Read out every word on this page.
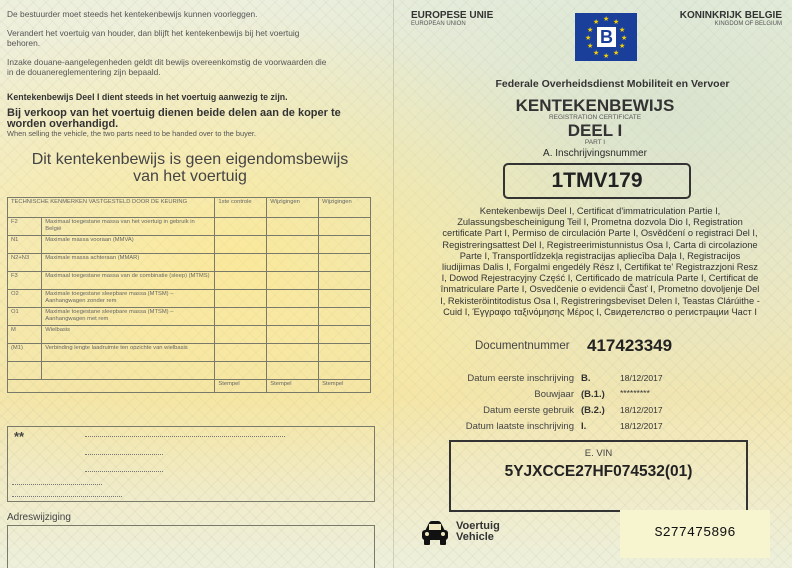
De bestuurder moet steeds het kentekenbewijs kunnen voorleggen.
Verandert het voertuig van houder, dan blijft het kentekenbewijs bij het voertuig
behoren.
Inzake douane-aangelegenheden geldt dit bewijs overeenkomstig de voorwaarden die
in de douanereglementering zijn bepaald.
Kentekenbewijs Deel I dient steeds in het voertuig aanwezig te zijn.
Bij verkoop van het voertuig dienen beide delen aan de koper te
worden overhandigd.
When selling the vehicle, the two parts need to be handed over to the buyer.
Dit kentekenbewijs is geen eigendomsbewijs
van het voertuig
TECHNISCHE KENMERKEN VASTGESTELD DOOR DE KEURING		1ste controle	Wijzigingen	Wijzigingen
F2	Maximaal toegestane massa van het voertuig in gebruik in België			
N1	Maximale massa vooraan (MMVA)			
N2+N3	Maximale massa achteraan (MMAR)			
F3	Maximaal toegestane massa van de combinatie (sleep) (MTMS)			
O2	Maximale toegestane sleepbare massa (MTSM) – Aanhangwagen zonder rem			
O1	Maximale toegestane sleepbare massa (MTSM) – Aanhangwagen met rem			
M	Wielbasis			
(M1)	Verbinding lengte laadruimte ten opzichte van wielbasis			

		Stempel	Stempel	Stempel
**
Adreswijziging
EUROPESE UNIE
EUROPEAN UNION
KONINKRIJK BELGIE
KINGDOM OF BELGIUM
★ ★
★
★
★
★
★
★
★
★
★
★
B
Federale Overheidsdienst Mobiliteit en Vervoer
KENTEKENBEWIJS
REGISTRATION CERTIFICATE
DEEL I
PART I
A. Inschrijvingsnummer
1TMV179
Kentekenbewijs Deel I, Certificat d'immatriculation Partie I, Zulassungsbescheinigung Teil I, Prometna dozvola Dio I, Registration certificate Part I, Permiso de circulación Parte I, Osvědčení o registraci Del I, Registreringsattest Del I, Registreerimistunnistus Osa I, Carta di circolazione Parte I, Transportlīdzekļa registracijas apliecība Daļa I, Registracijos liudijimas Dalis I, Forgalmi engedély Rész I, Certifikat te' Registrazzjoni Resz I, Dowod Rejestracyjny Część I, Certificado de matrícula Parte I, Certificat de înmatriculare Parte I, Osvedčenie o evidencii Časť I, Prometno dovoljenje Del I, Rekisteröintitodistus Osa I, Registreringsbeviset Delen I, Teastas Clárúithe - Cuid I, Έγγραφο ταξινόμησης Μέρος Ι, Свидетелство о регистрации Част I
Documentnummer 417423349
Datum eerste inschrijving B.	18/12/2017
Bouwjaar (B.1.) *********
Datum eerste gebruik (B.2.) 18/12/2017
Datum laatste inschrijving I.	18/12/2017
E. VIN
5YJXCCE27HF074532(01)
Voertuig
Vehicle	S277475896
